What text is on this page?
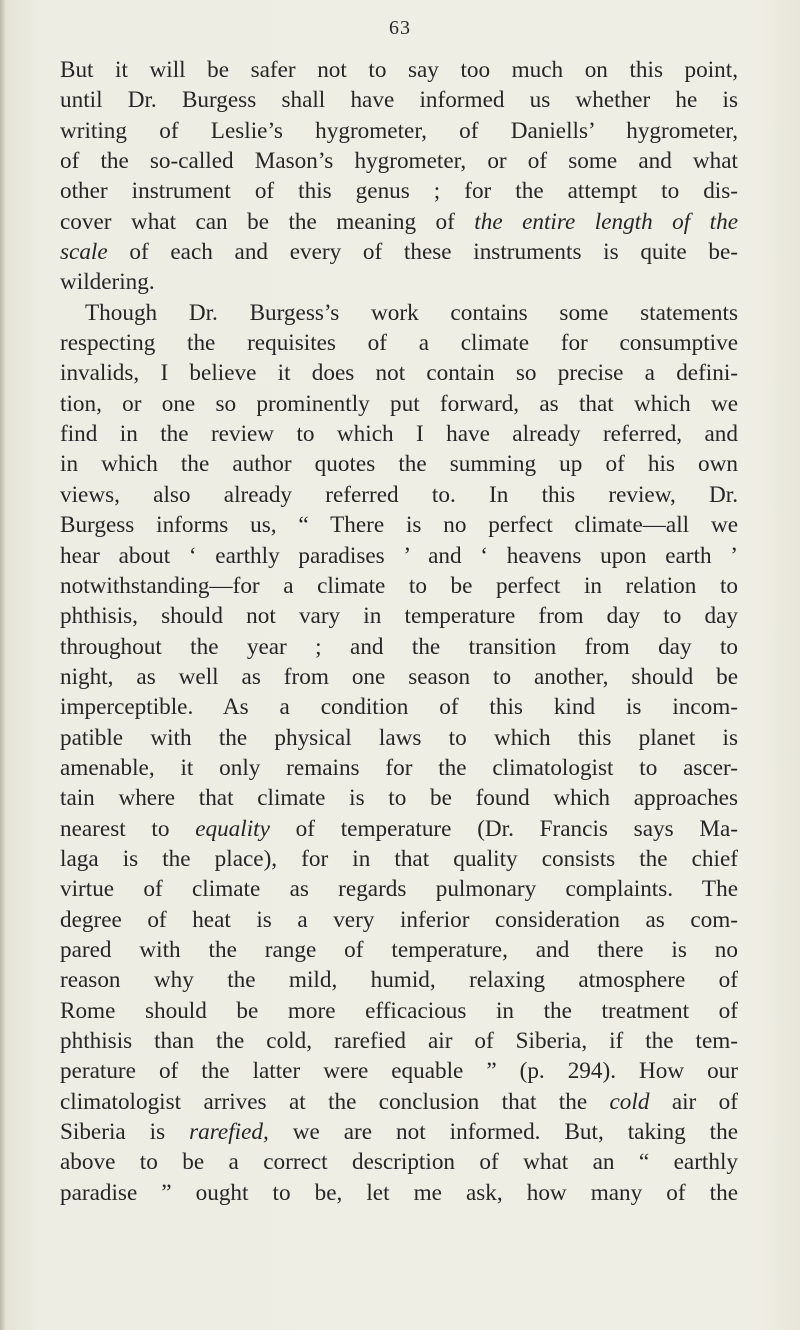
63
But it will be safer not to say too much on this point,
until Dr. Burgess shall have informed us whether he is
writing of Leslie’s hygrometer, of Daniells’ hygrometer,
of the so-called Mason’s hygrometer, or of some and what
other instrument of this genus ; for the attempt to dis-
cover what can be the meaning of the entire length of the
scale of each and every of these instruments is quite be-
wildering.
Though Dr. Burgess’s work contains some statements
respecting the requisites of a climate for consumptive
invalids, I believe it does not contain so precise a defini-
tion, or one so prominently put forward, as that which we
find in the review to which I have already referred, and
in which the author quotes the summing up of his own
views, also already referred to. In this review, Dr.
Burgess informs us, “ There is no perfect climate—all we
hear about ‘ earthly paradises ’ and ‘ heavens upon earth ’
notwithstanding—for a climate to be perfect in relation to
phthisis, should not vary in temperature from day to day
throughout the year ; and the transition from day to
night, as well as from one season to another, should be
imperceptible. As a condition of this kind is incom-
patible with the physical laws to which this planet is
amenable, it only remains for the climatologist to ascer-
tain where that climate is to be found which approaches
nearest to equality of temperature (Dr. Francis says Ma-
laga is the place), for in that quality consists the chief
virtue of climate as regards pulmonary complaints. The
degree of heat is a very inferior consideration as com-
pared with the range of temperature, and there is no
reason why the mild, humid, relaxing atmosphere of
Rome should be more efficacious in the treatment of
phthisis than the cold, rarefied air of Siberia, if the tem-
perature of the latter were equable ” (p. 294). How our
climatologist arrives at the conclusion that the cold air of
Siberia is rarefied, we are not informed. But, taking the
above to be a correct description of what an “ earthly
paradise ” ought to be, let me ask, how many of the
